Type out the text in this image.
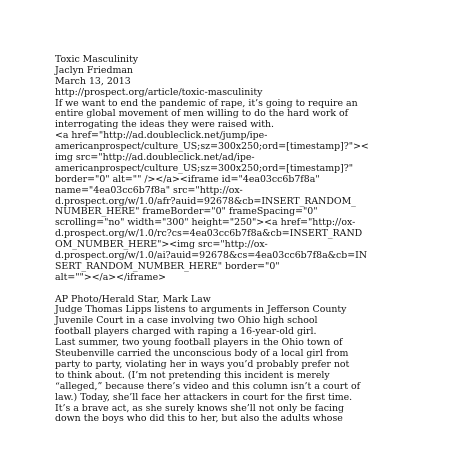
Toxic Masculinity
Jaclyn Friedman
March 13, 2013
http://prospect.org/article/toxic-masculinity
If we want to end the pandemic of rape, it’s going to require an
entire global movement of men willing to do the hard work of
interrogating the ideas they were raised with.
<a href="http://ad.doubleclick.net/jump/ipe-
americanprospect/culture_US;sz=300x250;ord=[timestamp]?"><
img src="http://ad.doubleclick.net/ad/ipe-
americanprospect/culture_US;sz=300x250;ord=[timestamp]?"
border="0" alt="" /></a><iframe id="4ea03cc6b7f8a"
name="4ea03cc6b7f8a" src="http://ox-
d.prospect.org/w/1.0/afr?auid=92678&cb=INSERT_RANDOM_
NUMBER_HERE" frameBorder="0" frameSpacing="0"
scrolling="no" width="300" height="250"><a href="http://ox-
d.prospect.org/w/1.0/rc?cs=4ea03cc6b7f8a&cb=INSERT_RAND
OM_NUMBER_HERE"><img src="http://ox-
d.prospect.org/w/1.0/ai?auid=92678&cs=4ea03cc6b7f8a&cb=IN
SERT_RANDOM_NUMBER_HERE" border="0"
alt=""></a></iframe>
AP Photo/Herald Star, Mark Law
Judge Thomas Lipps listens to arguments in Jefferson County
Juvenile Court in a case involving two Ohio high school
football players charged with raping a 16-year-old girl.
Last summer, two young football players in the Ohio town of
Steubenville carried the unconscious body of a local girl from
party to party, violating her in ways you’d probably prefer not
to think about. (I’m not pretending this incident is merely
“alleged,” because there’s video and this column isn’t a court of
law.) Today, she’ll face her attackers in court for the first time.
It’s a brave act, as she surely knows she’ll not only be facing
down the boys who did this to her, but also the adults whose
